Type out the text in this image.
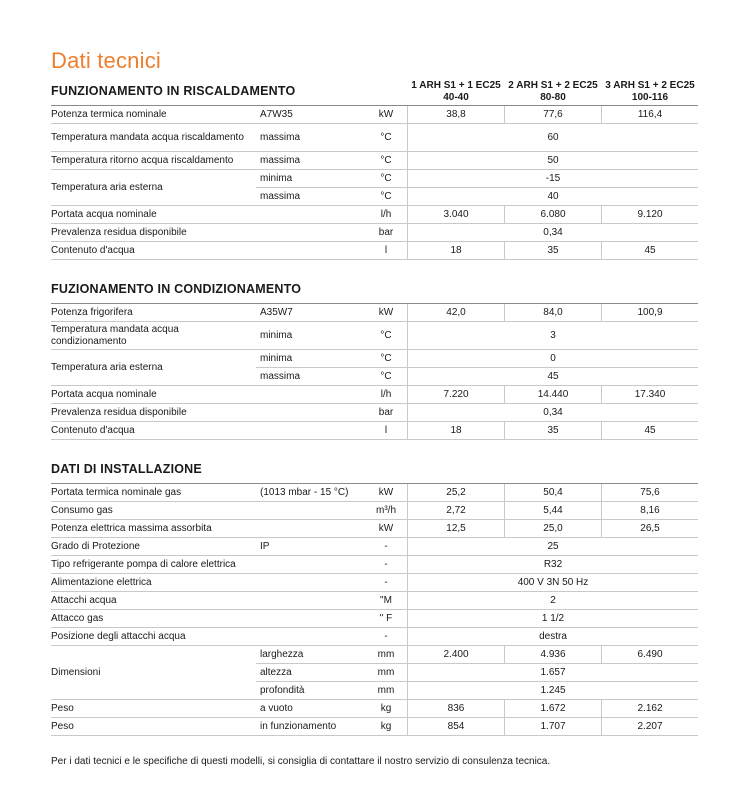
Dati tecnici
1 ARH S1 + 1 EC25 40-40
2 ARH S1 + 2 EC25 80-80
3 ARH S1 + 2 EC25 100-116
FUNZIONAMENTO IN RISCALDAMENTO
Potenza termica nominale	A7W35	kW	38,8	77,6	116,4
Temperatura mandata acqua riscaldamento	massima	°C	60
Temperatura ritorno acqua riscaldamento	massima	°C	50
Temperatura aria esterna
minima	°C	-15
massima	°C	40
Portata acqua nominale	l/h	3.040	6.080	9.120
Prevalenza residua disponibile	bar	0,34
Contenuto d'acqua	l	18	35	45
FUZIONAMENTO IN CONDIZIONAMENTO
Potenza frigorifera	A35W7	kW	42,0	84,0	100,9
Temperatura mandata acqua condizionamento	minima	°C	3
Temperatura aria esterna
minima	°C	0
massima	°C	45
Portata acqua nominale	l/h	7.220	14.440	17.340
Prevalenza residua disponibile	bar	0,34
Contenuto d'acqua	l	18	35	45
DATI DI INSTALLAZIONE
Portata termica nominale gas	(1013 mbar - 15 °C)	kW	25,2	50,4	75,6
Consumo gas	m³/h	2,72	5,44	8,16
Potenza elettrica massima assorbita	kW	12,5	25,0	26,5
Grado di Protezione	IP	-	25
Tipo refrigerante pompa di calore elettrica	-	R32
Alimentazione elettrica	-	400 V 3N 50 Hz
Attacchi acqua	"M	2
Attacco gas	" F	1 1/2
Posizione degli attacchi acqua	-	destra
Dimensioni
larghezza	mm	2.400	4.936	6.490
altezza	mm	1.657
profondità	mm	1.245
Peso	a vuoto	kg	836	1.672	2.162
Peso	in funzionamento	kg	854	1.707	2.207
Per i dati tecnici e le specifiche di questi modelli, si consiglia di contattare il nostro servizio di consulenza tecnica.
